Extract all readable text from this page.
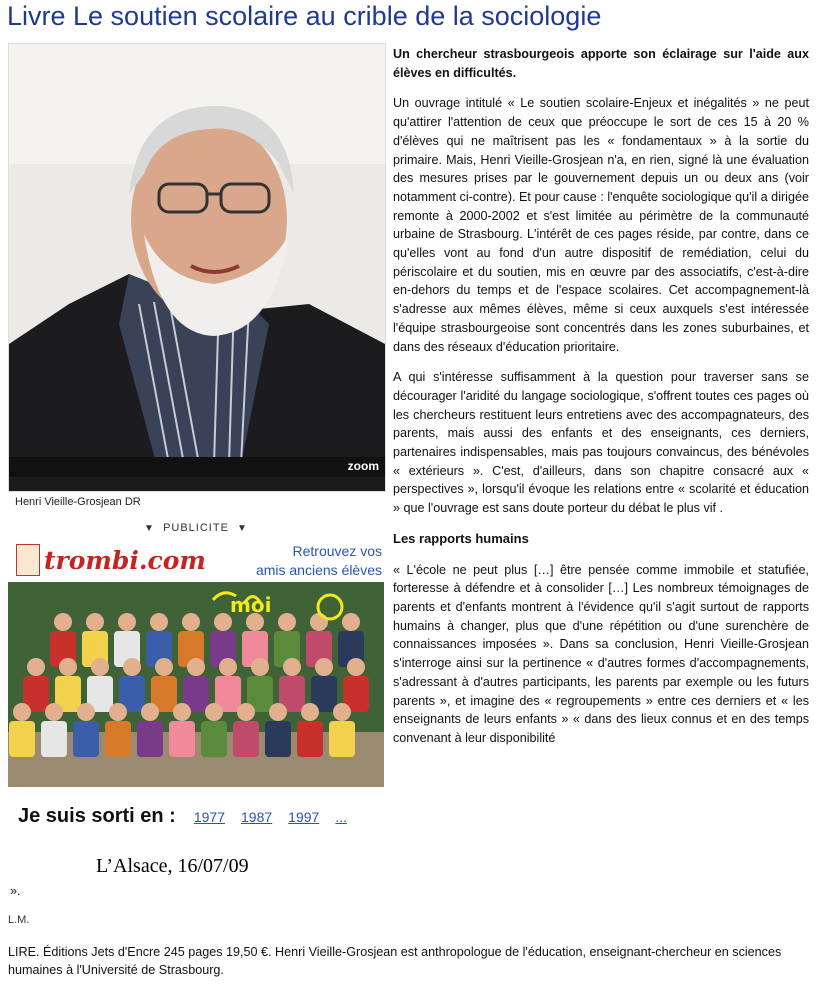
Livre Le soutien scolaire au crible de la sociologie
zoom
Henri Vieille-Grosjean DR
▼ PUBLICITE ▼
trombi.com	Retrouvez vos
amis anciens élèves
moi
Je suis sorti en : 1977 1987 1997 ...
L’Alsace, 16/07/09

Un chercheur strasbourgeois apporte son éclairage sur l'aide aux élèves en difficultés.

Un ouvrage intitulé « Le soutien scolaire-Enjeux et inégalités » ne peut qu'attirer l'attention de ceux que préoccupe le sort de ces 15 à 20 % d'élèves qui ne maîtrisent pas les « fondamentaux » à la sortie du primaire. Mais, Henri Vieille-Grosjean n'a, en rien, signé là une évaluation des mesures prises par le gouvernement depuis un ou deux ans (voir notamment ci-contre). Et pour cause : l'enquête sociologique qu'il a dirigée remonte à 2000-2002 et s'est limitée au périmètre de la communauté urbaine de Strasbourg. L'intérêt de ces pages réside, par contre, dans ce qu'elles vont au fond d'un autre dispositif de remédiation, celui du périscolaire et du soutien, mis en œuvre par des associatifs, c'est-à-dire en-dehors du temps et de l'espace scolaires. Cet accompagnement-là s'adresse aux mêmes élèves, même si ceux auxquels s'est intéressée l'équipe strasbourgeoise sont concentrés dans les zones suburbaines, et dans des réseaux d'éducation prioritaire.

A qui s'intéresse suffisamment à la question pour traverser sans se décourager l'aridité du langage sociologique, s'offrent toutes ces pages où les chercheurs restituent leurs entretiens avec des accompagnateurs, des parents, mais aussi des enfants et des enseignants, ces derniers, partenaires indispensables, mais pas toujours convaincus, des bénévoles « extérieurs ». C'est, d'ailleurs, dans son chapitre consacré aux « perspectives », lorsqu'il évoque les relations entre « scolarité et éducation » que l'ouvrage est sans doute porteur du débat le plus vif .

Les rapports humains

« L'école ne peut plus […] être pensée comme immobile et statufiée, forteresse à défendre et à consolider […] Les nombreux témoignages de parents et d'enfants montrent à l'évidence qu'il s'agit surtout de rapports humains à changer, plus que d'une répétition ou d'une surenchère de connaissances imposées ». Dans sa conclusion, Henri Vieille-Grosjean s'interroge ainsi sur la pertinence « d'autres formes d'accompagnements, s'adressant à d'autres participants, les parents par exemple ou les futurs parents », et imagine des « regroupements » entre ces derniers et « les enseignants de leurs enfants » « dans des lieux connus et en des temps convenant à leur disponibilité

».
L.M.
LIRE. Éditions Jets d'Encre 245 pages 19,50 €. Henri Vieille-Grosjean est anthropologue de l'éducation, enseignant-chercheur en sciences humaines à l'Université de Strasbourg.
